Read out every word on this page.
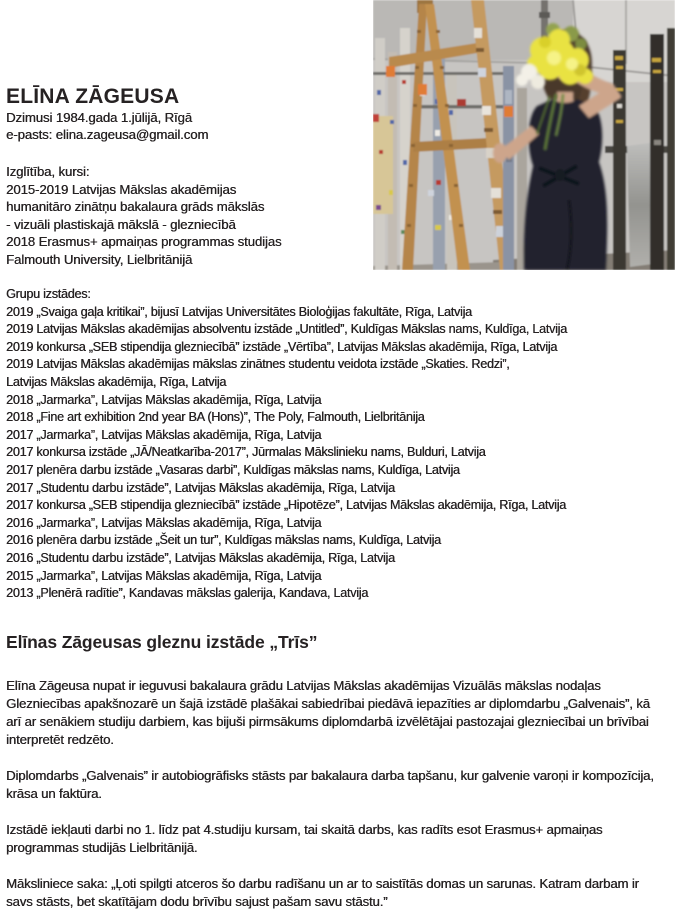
ELĪNA ZĀGEUSA
Dzimusi 1984.gada 1.jūlijā, Rīgā
e-pasts: elina.zageusa@gmail.com
Izglītība, kursi:
2015-2019 Latvijas Mākslas akadēmijas
humanitāro zinātņu bakalaura grāds mākslās
- vizuāli plastiskajā mākslā - glezniecībā
2018 Erasmus+ apmaiņas programmas studijas
Falmouth University, Lielbritānijā
Grupu izstādes:
2019 „Svaiga gaļa kritikai”, bijusī Latvijas Universitātes Bioloģijas fakultāte, Rīga, Latvija
2019 Latvijas Mākslas akadēmijas absolventu izstāde „Untitled”, Kuldīgas Mākslas nams, Kuldīga, Latvija
2019 konkursa „SEB stipendija glezniecībā” izstāde „Vērtība”, Latvijas Mākslas akadēmija, Rīga, Latvija
2019 Latvijas Mākslas akadēmijas mākslas zinātnes studentu veidota izstāde „Skaties. Redzi”,
Latvijas Mākslas akadēmija, Rīga, Latvija
2018 „Jarmarka”, Latvijas Mākslas akadēmija, Rīga, Latvija
2018 „Fine art exhibition 2nd year BA (Hons)”, The Poly, Falmouth, Lielbritānija
2017 „Jarmarka”, Latvijas Mākslas akadēmija, Rīga, Latvija
2017 konkursa izstāde „JĀ/Neatkarība-2017”, Jūrmalas Mākslinieku nams, Bulduri, Latvija
2017 plenēra darbu izstāde „Vasaras darbi”, Kuldīgas mākslas nams, Kuldīga, Latvija
2017 „Studentu darbu izstāde”, Latvijas Mākslas akadēmija, Rīga, Latvija
2017 konkursa „SEB stipendija glezniecībā” izstāde „Hipotēze”, Latvijas Mākslas akadēmija, Rīga, Latvija
2016 „Jarmarka”, Latvijas Mākslas akadēmija, Rīga, Latvija
2016 plenēra darbu izstāde „Šeit un tur”, Kuldīgas mākslas nams, Kuldīga, Latvija
2016 „Studentu darbu izstāde”, Latvijas Mākslas akadēmija, Rīga, Latvija
2015 „Jarmarka”, Latvijas Mākslas akadēmija, Rīga, Latvija
2013 „Plenērā radītie”, Kandavas mākslas galerija, Kandava, Latvija
Elīnas Zāgeusas gleznu izstāde „Trīs”

Elīna Zāgeusa nupat ir ieguvusi bakalaura grādu Latvijas Mākslas akadēmijas Vizuālās mākslas nodaļas Glezniecības apakšnozarē un šajā izstādē plašākai sabiedrībai piedāvā iepazīties ar diplomdarbu „Galvenais”, kā arī ar senākiem studiju darbiem, kas bijuši pirmsākums diplomdarbā izvēlētājai pastozajai glezniecībai un brīvībai interpretēt redzēto.

Diplomdarbs „Galvenais” ir autobiogrāfisks stāsts par bakalaura darba tapšanu, kur galvenie varoņi ir kompozīcija, krāsa un faktūra.

Izstādē iekļauti darbi no 1. līdz pat 4.studiju kursam, tai skaitā darbs, kas radīts esot Erasmus+ apmaiņas programmas studijās Lielbritānijā.

Māksliniece saka: „Ļoti spilgti atceros šo darbu radīšanu un ar to saistītās domas un sarunas. Katram darbam ir savs stāsts, bet skatītājam dodu brīvību sajust pašam savu stāstu.”
